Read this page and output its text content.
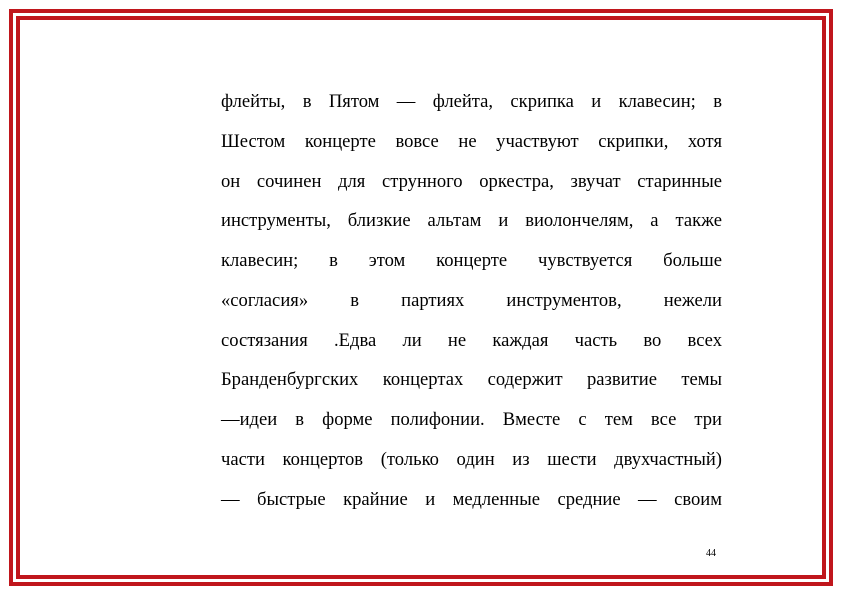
флейты, в Пятом — флейта, скрипка и клавесин; в
Шестом концерте вовсе не участвуют скрипки, хотя
он сочинен для струнного оркестра, звучат старинные
инструменты, близкие альтам и виолончелям, а также
клавесин; в этом концерте чувствуется больше
«согласия» в партиях инструментов, нежели
состязания .Едва ли не каждая часть во всех
Бранденбургских концертах содержит развитие темы
—идеи в форме полифонии. Вместе с тем все три
части концертов (только один из шести двухчастный)
— быстрые крайние и медленные средние — своим
44
